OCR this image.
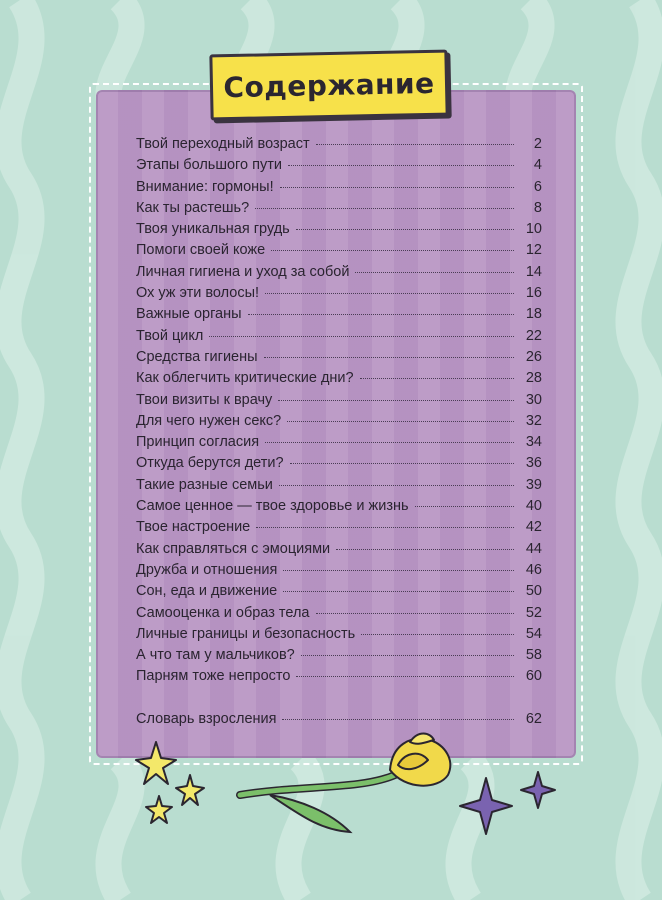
Содержание
Твой переходный возраст	2
Этапы большого пути	4
Внимание: гормоны!	6
Как ты растешь?	8
Твоя уникальная грудь	10
Помоги своей коже	12
Личная гигиена и уход за собой	14
Ох уж эти волосы!	16
Важные органы	18
Твой цикл	22
Средства гигиены	26
Как облегчить критические дни?	28
Твои визиты к врачу	30
Для чего нужен секс?	32
Принцип согласия	34
Откуда берутся дети?	36
Такие разные семьи	39
Самое ценное — твое здоровье и жизнь	40
Твое настроение	42
Как справляться с эмоциями	44
Дружба и отношения	46
Сон, еда и движение	50
Самооценка и образ тела	52
Личные границы и безопасность	54
А что там у мальчиков?	58
Парням тоже непросто	60
Словарь взросления	62
